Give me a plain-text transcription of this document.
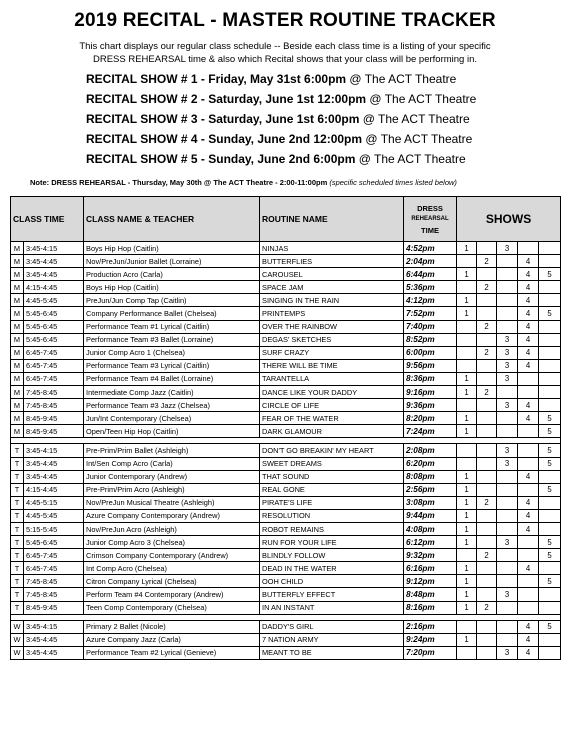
2019 RECITAL - MASTER ROUTINE TRACKER
This chart displays our regular class schedule -- Beside each class time is a listing of your specific
DRESS REHEARSAL time & also which Recital shows that your class will be performing in.
RECITAL SHOW # 1 - Friday, May 31st 6:00pm @ The ACT Theatre
RECITAL SHOW # 2 - Saturday, June 1st 12:00pm @ The ACT Theatre
RECITAL SHOW # 3 - Saturday, June 1st 6:00pm @ The ACT Theatre
RECITAL SHOW # 4 - Sunday, June 2nd 12:00pm @ The ACT Theatre
RECITAL SHOW # 5 - Sunday, June 2nd 6:00pm @ The ACT Theatre
Note: DRESS REHEARSAL - Thursday, May 30th @ The ACT Theatre - 2:00-11:00pm (specific scheduled times listed below)
CLASS TIME		CLASS NAME & TEACHER	ROUTINE NAME	DRESS
REHEARSAL
TIME	SHOWS				
M	3:45-4:15	Boys Hip Hop (Caitlin)	NINJAS	4:52pm	1		3		
M	3:45-4:45	Nov/PreJun/Junior Ballet (Lorraine)	BUTTERFLIES	2:04pm		2		4	
M	3:45-4:45	Production Acro (Carla)	CAROUSEL	6:44pm	1			4	5
M	4:15-4:45	Boys Hip Hop (Caitlin)	SPACE JAM	5:36pm		2		4	
M	4:45-5:45	PreJun/Jun Comp Tap (Caitlin)	SINGING IN THE RAIN	4:12pm	1			4	
M	5:45-6:45	Company Performance Ballet (Chelsea)	PRINTEMPS	7:52pm	1			4	5
M	5:45-6:45	Performance Team #1 Lyrical (Caitlin)	OVER THE RAINBOW	7:40pm		2		4	
M	5:45-6:45	Performance Team #3 Ballet (Lorraine)	DEGAS' SKETCHES	8:52pm			3	4	
M	6:45-7:45	Junior Comp Acro 1 (Chelsea)	SURF CRAZY	6:00pm		2	3	4	
M	6:45-7:45	Performance Team #3 Lyrical (Caitlin)	THERE WILL BE TIME	9:56pm			3	4	
M	6:45-7:45	Performance Team #4 Ballet (Lorraine)	TARANTELLA	8:36pm	1		3		
M	7:45-8:45	Intermediate Comp Jazz (Caitlin)	DANCE LIKE YOUR DADDY	9:16pm	1	2			
M	7:45-8:45	Performance Team #3 Jazz (Chelsea)	CIRCLE OF LIFE	9:36pm			3	4	
M	8:45-9:45	Jun/Int Contemporary (Chelsea)	FEAR OF THE WATER	8:20pm	1			4	5
M	8:45-9:45	Open/Teen Hip Hop (Caitlin)	DARK GLAMOUR	7:24pm	1				5

T	3:45-4:15	Pre-Prim/Prim Ballet (Ashleigh)	DON'T GO BREAKIN' MY HEART	2:08pm			3		5
T	3:45-4:45	Int/Sen Comp Acro (Carla)	SWEET DREAMS	6:20pm			3		5
T	3:45-4:45	Junior Contemporary (Andrew)	THAT SOUND	8:08pm	1			4	
T	4:15-4:45	Pre-Prim/Prim Acro (Ashleigh)	REAL GONE	2:56pm	1				5
T	4:45-5:15	Nov/PreJun Musical Theatre (Ashleigh)	PIRATE'S LIFE	3:08pm	1	2		4	
T	4:45-5:45	Azure Company Contemporary (Andrew)	RESOLUTION	9:44pm	1			4	
T	5:15-5:45	Nov/PreJun Acro (Ashleigh)	ROBOT REMAINS	4:08pm	1			4	
T	5:45-6:45	Junior Comp Acro 3 (Chelsea)	RUN FOR YOUR LIFE	6:12pm	1		3		5
T	6:45-7:45	Crimson Company Contemporary (Andrew)	BLINDLY FOLLOW	9:32pm		2			5
T	6:45-7:45	Int Comp Acro (Chelsea)	DEAD IN THE WATER	6:16pm	1			4	
T	7:45-8:45	Citron Company Lyrical (Chelsea)	OOH CHILD	9:12pm	1				5
T	7:45-8:45	Perform Team #4 Contemporary (Andrew)	BUTTERFLY EFFECT	8:48pm	1		3		
T	8:45-9:45	Teen Comp Contemporary (Chelsea)	IN AN INSTANT	8:16pm	1	2			

W	3:45-4:15	Primary 2 Ballet (Nicole)	DADDY'S GIRL	2:16pm				4	5
W	3:45-4:45	Azure Company Jazz (Carla)	7 NATION ARMY	9:24pm	1			4	
W	3:45-4:45	Performance Team #2 Lyrical (Genieve)	MEANT TO BE	7:20pm			3	4	
